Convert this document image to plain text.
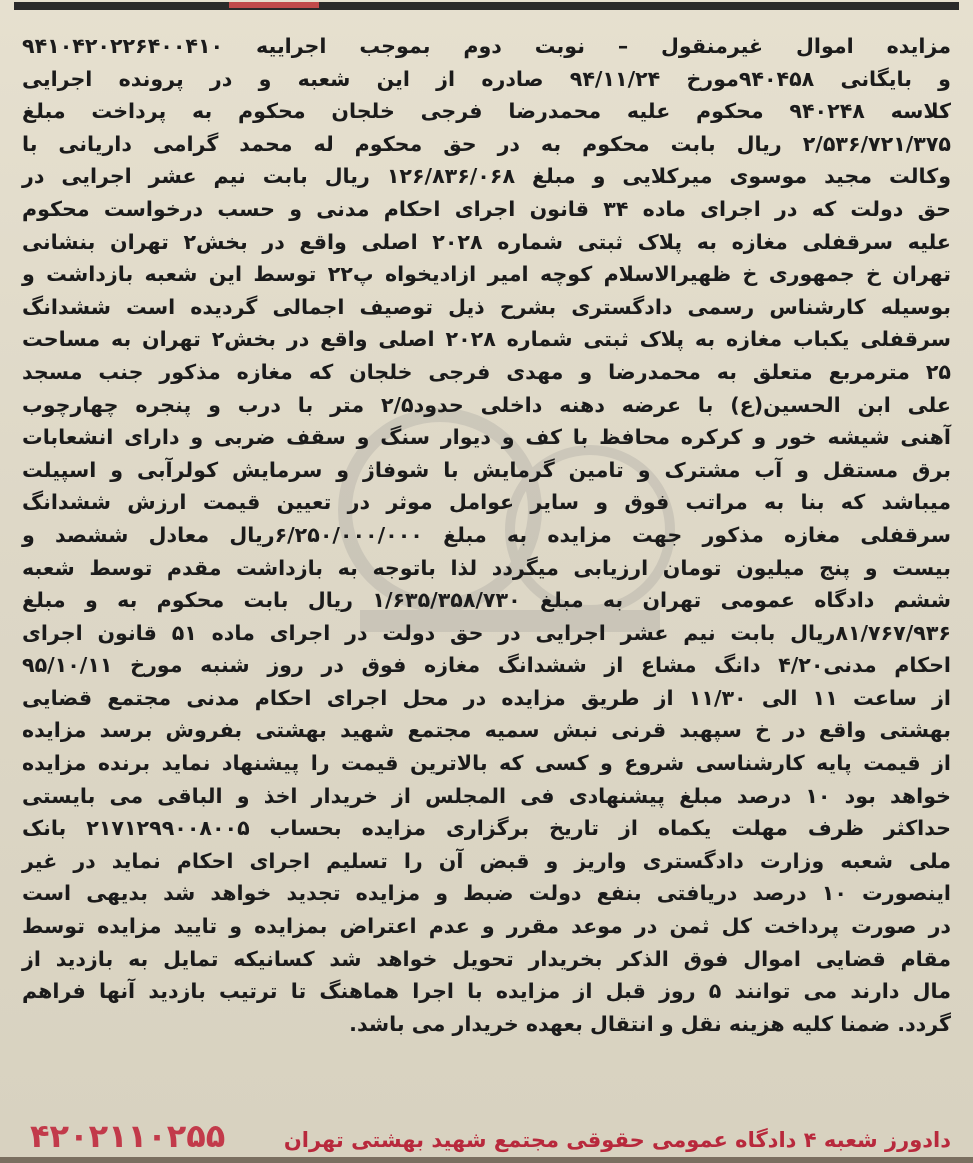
مزایده اموال غیرمنقول – نوبت دوم بموجب اجراییه ۹۴۱۰۴۲۰۲۲۶۴۰۰۴۱۰
و بایگانی ۹۴۰۴۵۸مورخ ۹۴/۱۱/۲۴ صادره از این شعبه و در پرونده اجرایی
کلاسه ۹۴۰۲۴۸ محکوم علیه محمدرضا فرجی خلجان محکوم به پرداخت مبلغ
۲/۵۳۶/۷۲۱/۳۷۵ ریال بابت محکوم به در حق محکوم له محمد گرامی داریانی با
وکالت مجید موسوی میرکلایی و مبلغ ۱۲۶/۸۳۶/۰۶۸ ریال بابت نیم عشر اجرایی در
حق دولت که در اجرای ماده ۳۴ قانون اجرای احکام مدنی و حسب درخواست محکوم
علیه سرقفلی مغازه به پلاک ثبتی شماره ۲۰۲۸ اصلی واقع در بخش۲ تهران بنشانی
تهران خ جمهوری خ ظهیرالاسلام کوچه امیر ازادیخواه پ۲۲ توسط این شعبه بازداشت و
بوسیله کارشناس رسمی دادگستری بشرح ذیل توصیف اجمالی گردیده است ششدانگ
سرقفلی یکباب مغازه به پلاک ثبتی شماره ۲۰۲۸ اصلی واقع در بخش۲ تهران به مساحت
۲۵ مترمربع متعلق به محمدرضا و مهدی فرجی خلجان که مغازه مذکور جنب مسجد
علی ابن الحسین(ع) با عرضه دهنه داخلی حدود۲/۵ متر با درب و پنجره چهارچوب
آهنی شیشه خور و کرکره محافظ با کف و دیوار سنگ و سقف ضربی و دارای انشعابات
برق مستقل و آب مشترک و تامین گرمایش با شوفاژ و سرمایش کولرآبی و اسپیلت
میباشد که بنا به مراتب فوق و سایر عوامل موثر در تعیین قیمت ارزش ششدانگ
سرقفلی مغازه مذکور جهت مزایده به مبلغ ۶/۲۵۰/۰۰۰/۰۰۰ریال معادل ششصد و
بیست و پنج میلیون تومان ارزیابی میگردد لذا باتوجه به بازداشت مقدم توسط شعبه
ششم دادگاه عمومی تهران به مبلغ ۱/۶۳۵/۳۵۸/۷۳۰ ریال بابت محکوم به و مبلغ
۸۱/۷۶۷/۹۳۶ریال بابت نیم عشر اجرایی در حق دولت در اجرای ماده ۵۱ قانون اجرای
احکام مدنی۴/۲۰ دانگ مشاع از ششدانگ مغازه فوق در روز شنبه مورخ ۹۵/۱۰/۱۱
از ساعت ۱۱ الی ۱۱/۳۰ از طریق مزایده در محل اجرای احکام مدنی مجتمع قضایی
بهشتی واقع در خ سپهبد قرنی نبش سمیه مجتمع شهید بهشتی بفروش برسد مزایده
از قیمت پایه کارشناسی شروع و کسی که بالاترین قیمت را پیشنهاد نماید برنده مزایده
خواهد بود ۱۰ درصد مبلغ پیشنهادی فی المجلس از خریدار اخذ و الباقی می بایستی
حداکثر ظرف مهلت یکماه از تاریخ برگزاری مزایده بحساب ۲۱۷۱۲۹۹۰۰۸۰۰۵ بانک
ملی شعبه وزارت دادگستری واریز و قبض آن را تسلیم اجرای احکام نماید در غیر
اینصورت ۱۰ درصد دریافتی بنفع دولت ضبط و مزایده تجدید خواهد شد بدیهی است
در صورت پرداخت کل ثمن در موعد مقرر و عدم اعتراض بمزایده و تایید مزایده توسط
مقام قضایی اموال فوق الذکر بخریدار تحویل خواهد شد کسانیکه تمایل به بازدید از
مال دارند می توانند ۵ روز قبل از مزایده با اجرا هماهنگ تا ترتیب بازدید آنها فراهم
گردد. ضمنا کلیه هزینه نقل و انتقال بعهده خریدار می باشد.
دادورز شعبه ۴ دادگاه عمومی حقوقی مجتمع شهید بهشتی تهران
۴۲۰۲۱۱۰۲۵۵
